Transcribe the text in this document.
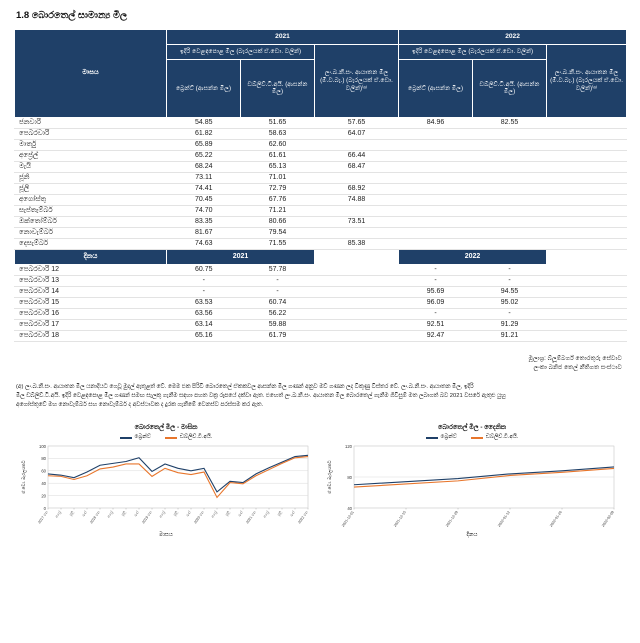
1.8 බොරතෙල් සාමාන්‍ය මිල
මාසය	2021			2022		
	ඉදිරි වෙළඳපොළ මිල (බැරලයක් ඒ.ඩො. වලින්)		ලං.ඛ.නී.සං. ආයාතන මිල (මි.ව.බැ.) (බැරලයක් ඒ.ඩො. වලින්)⁽ᵃ⁾	ඉදිරි වෙළඳපොළ මිල (බැරලයක් ඒ.ඩො. වලින්)		ලං.ඛ.නී.සං. ආයාතන මිල (මි.ව.බැ.) (බැරලයක් ඒ.ඩො. වලින්)⁽ᵃ⁾
	බ්‍රෙන්ට් (ආසන්න මිල)	ඩබ්ලිව්.ටී.අයි. (ආසන්න මිල)		බ්‍රෙන්ට් (ආසන්න මිල)	ඩබ්ලිව්.ටී.අයි. (ආසන්න මිල)	
ජනවාරි	54.85	51.65	57.65	84.96	82.55	
පෙබරවාරි	61.82	58.63	64.07			
මාර්තු	65.89	62.60				
අප්‍රේල්	65.22	61.61	66.44			
මැයි	68.24	65.13	68.47			
ජූනි	73.11	71.01				
ජූලි	74.41	72.79	68.92			
අගෝස්තු	70.45	67.76	74.88			
සැප්තැම්බර්	74.70	71.21				
ඔක්තෝම්බර්	83.35	80.66	73.51			
නොවැම්බර්	81.67	79.54				
දෙසැම්බර්	74.63	71.55	85.38			
දිනය	2021			2022		
පෙබරවාරි 12	60.75	57.78		-	-	
පෙබරවාරි 13	-	-		-	-	
පෙබරවාරි 14	-	-		95.69	94.55	
පෙබරවාරි 15	63.53	60.74		96.09	95.02	
පෙබරවාරි 16	63.56	56.22		-	-	
පෙබරවාරි 17	63.14	59.88		92.51	91.29	
පෙබරවාරි 18	65.16	61.79		92.47	91.21	
මූලාශ්‍ර: බ්ලූම්බර්ග් තොරතුරු සේවාව
ලංකා ඛනිජ තෙල් නීතිගත සංස්ථාව
(අ) ලං.ඛ.නී.සං. ආයාතන මිල යනාදියට ගෙවූ මුදල් ඇතුළත් වේ. මෙම එක පිරිවි බොරතෙල් ඒකකවල ආසන්න මිල ගණන් අනුව මව් ගණන ලද විකුණු විස්තර වේ. ලං.ඛ.නී.සං. ආයාතන මිල, ඉදිරි
මිල ඩබ්ලිව්.ටී.අයි. ඉදිරි වෙළඳපොළ මිල ගණන් සමඟ සැලකු ගැනීම සඳහා පහත වක්‍ර රූපයේ දක්වා ඇත. එහෙත් ලං.ඛ.නී.සං. ආයාතන මිල බොරතෙල් ගැනීම ගිවිසුම් මත ලබාගත් බව 2021 වසරේ ඇතුළු යුහු
අගෝස්තුවේ මහ නොවැම්බර් සහ නොවැම්බර් ද අවස්ථාවක ද දුරක ගැනීමේ වෙනස්ව පරස්සම කර ඇත.
බොරතෙල් මිල - මාසික
බ්‍රෙන්ට්	ඩබ්ලිව්.ටී.අයි.
0
20
40
60
80
100
ඒ.ඩො. බැරලයකට
2017 ජන අප්‍රේ	ජූලි ඔක් 2018 ජන අප්‍රේ	ජූලි ඔක් 2019 ජන අප්‍රේ	ජූලි ඔක් 2020 ජන අප්‍රේ	ජූලි ඔක් 2021 ජන අප්‍රේ	ජූලි ඔක් 2022 ජන
මාසය
බොරතෙල් මිල - දෛනික
බ්‍රෙන්ට්	ඩබ්ලිව්.ටී.අයි.
40
80
120
ඒ.ඩො. බැරලයකට
2021-12-01	2021-12-15	2021-12-29	2022-01-12	2022-01-26	2022-02-09
දිනය
